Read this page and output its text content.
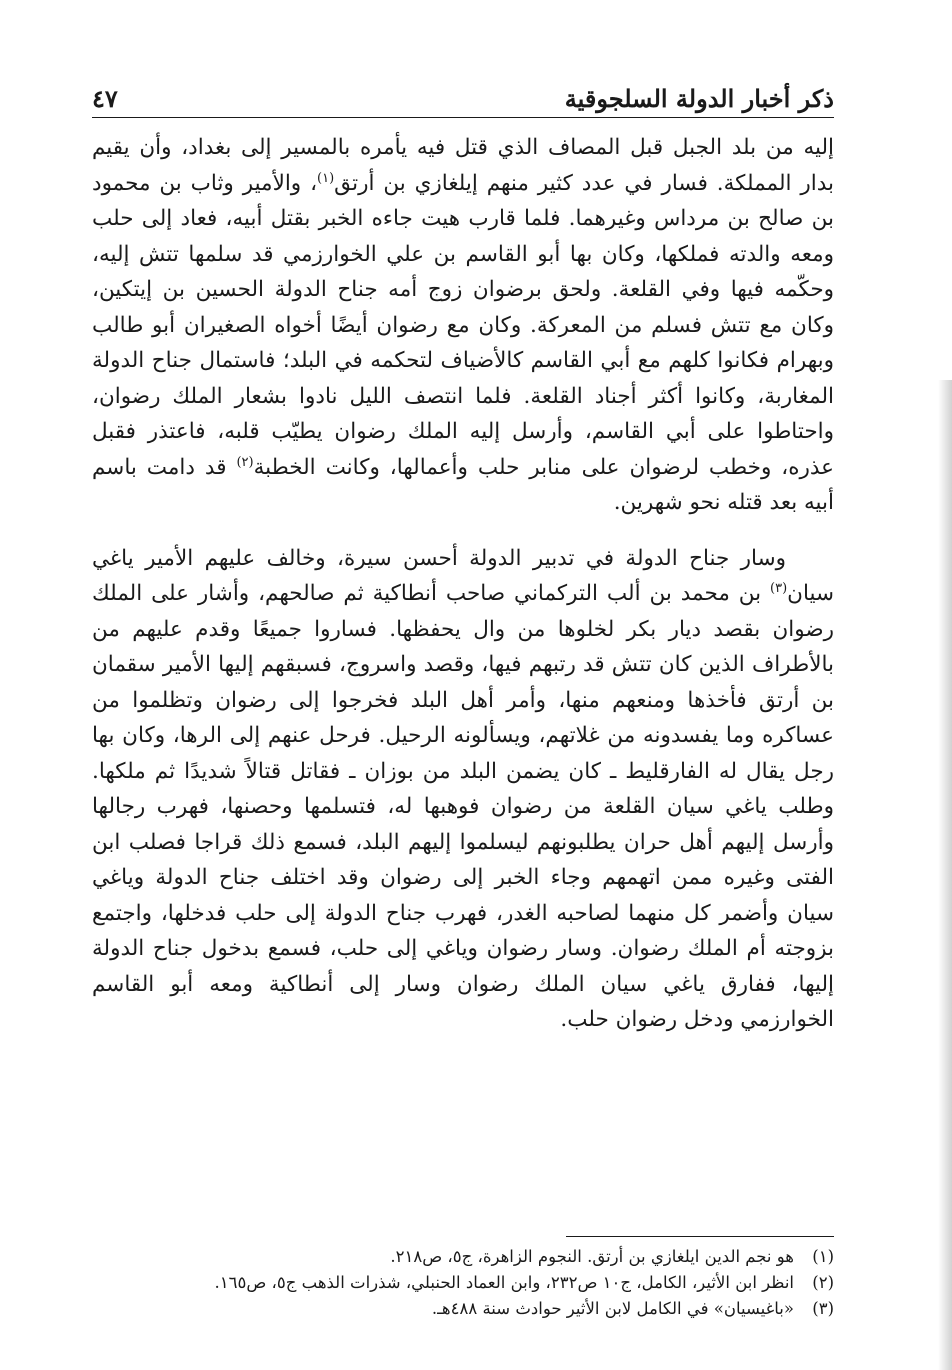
ذكر أخبار الدولة السلجوقية
٤٧

إليه من بلد الجبل قبل المصاف الذي قتل فيه يأمره بالمسير إلى بغداد، وأن يقيم بدار المملكة. فسار في عدد كثير منهم إيلغازي بن أرتق$^{(١)}$، والأمير وثاب بن محمود بن صالح بن مرداس وغيرهما. فلما قارب هيت جاءه الخبر بقتل أبيه، فعاد إلى حلب ومعه والدته فملكها، وكان بها أبو القاسم بن علي الخوارزمي قد سلمها تتش إليه، وحكّمه فيها وفي القلعة. ولحق برضوان زوج أمه جناح الدولة الحسين بن إيتكين، وكان مع تتش فسلم من المعركة. وكان مع رضوان أيضًا أخواه الصغيران أبو طالب وبهرام فكانوا كلهم مع أبي القاسم كالأضياف لتحكمه في البلد؛ فاستمال جناح الدولة المغاربة، وكانوا أكثر أجناد القلعة. فلما انتصف الليل نادوا بشعار الملك رضوان، واحتاطوا على أبي القاسم، وأرسل إليه الملك رضوان يطيّب قلبه، فاعتذر فقبل عذره، وخطب لرضوان على منابر حلب وأعمالها، وكانت الخطبة$^{(٢)}$ قد دامت باسم أبيه بعد قتله نحو شهرين.

وسار جناح الدولة في تدبير الدولة أحسن سيرة، وخالف عليهم الأمير ياغي سيان$^{(٣)}$ بن محمد بن ألب التركماني صاحب أنطاكية ثم صالحهم، وأشار على الملك رضوان بقصد ديار بكر لخلوها من وال يحفظها. فساروا جميعًا وقدم عليهم من بالأطراف الذين كان تتش قد رتبهم فيها، وقصد واسروج، فسبقهم إليها الأمير سقمان بن أرتق فأخذها ومنعهم منها، وأمر أهل البلد فخرجوا إلى رضوان وتظلموا من عساكره وما يفسدونه من غلاتهم، ويسألونه الرحيل. فرحل عنهم إلى الرها، وكان بها رجل يقال له الفارقليط ـ كان يضمن البلد من بوزان ـ فقاتل قتالاً شديدًا ثم ملكها. وطلب ياغي سيان القلعة من رضوان فوهبها له، فتسلمها وحصنها، فهرب رجالها وأرسل إليهم أهل حران يطلبونهم ليسلموا إليهم البلد، فسمع ذلك قراجا فصلب ابن الفتى وغيره ممن اتهمهم وجاء الخبر إلى رضوان وقد اختلف جناح الدولة وياغي سيان وأضمر كل منهما لصاحبه الغدر، فهرب جناح الدولة إلى حلب فدخلها، واجتمع بزوجته أم الملك رضوان. وسار رضوان وياغي إلى حلب، فسمع بدخول جناح الدولة إليها، ففارق ياغي سيان الملك رضوان وسار إلى أنطاكية ومعه أبو القاسم الخوارزمي ودخل رضوان حلب.

(١)هو نجم الدين ايلغازي بن أرتق. النجوم الزاهرة، ج٥، ص٢١٨.
(٢)انظر ابن الأثير، الكامل، ج١٠ ص٢٣٢، وابن العماد الحنبلي، شذرات الذهب ج٥، ص١٦٥.
(٣)«باغيسيان» في الكامل لابن الأثير حوادث سنة ٤٨٨هـ.
